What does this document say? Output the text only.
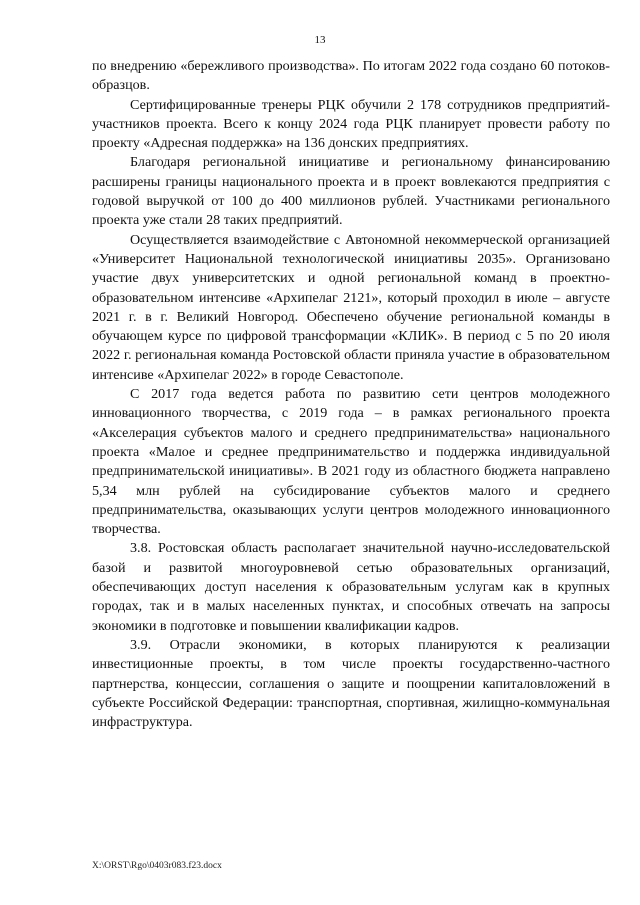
13

по внедрению «бережливого производства». По итогам 2022 года создано 60 потоков-образцов.

Сертифицированные тренеры РЦК обучили 2 178 сотрудников предприятий-участников проекта. Всего к концу 2024 года РЦК планирует провести работу по проекту «Адресная поддержка» на 136 донских предприятиях.

Благодаря региональной инициативе и региональному финансированию расширены границы национального проекта и в проект вовлекаются предприятия с годовой выручкой от 100 до 400 миллионов рублей. Участниками регионального проекта уже стали 28 таких предприятий.

Осуществляется взаимодействие с Автономной некоммерческой организацией «Университет Национальной технологической инициативы 2035». Организовано участие двух университетских и одной региональной команд в проектно-образовательном интенсиве «Архипелаг 2121», который проходил в июле – августе 2021 г. в г. Великий Новгород. Обеспечено обучение региональной команды в обучающем курсе по цифровой трансформации «КЛИК». В период с 5 по 20 июля 2022 г. региональная команда Ростовской области приняла участие в образовательном интенсиве «Архипелаг 2022» в городе Севастополе.

С 2017 года ведется работа по развитию сети центров молодежного инновационного творчества, с 2019 года – в рамках регионального проекта «Акселерация субъектов малого и среднего предпринимательства» национального проекта «Малое и среднее предпринимательство и поддержка индивидуальной предпринимательской инициативы». В 2021 году из областного бюджета направлено 5,34 млн рублей на субсидирование субъектов малого и среднего предпринимательства, оказывающих услуги центров молодежного инновационного творчества.

3.8. Ростовская область располагает значительной научно-исследовательской базой и развитой многоуровневой сетью образовательных организаций, обеспечивающих доступ населения к образовательным услугам как в крупных городах, так и в малых населенных пунктах, и способных отвечать на запросы экономики в подготовке и повышении квалификации кадров.

3.9. Отрасли экономики, в которых планируются к реализации инвестиционные проекты, в том числе проекты государственно-частного партнерства, концессии, соглашения о защите и поощрении капиталовложений в субъекте Российской Федерации: транспортная, спортивная, жилищно-коммунальная инфраструктура.

X:\ORST\Rgo\0403r083.f23.docx
